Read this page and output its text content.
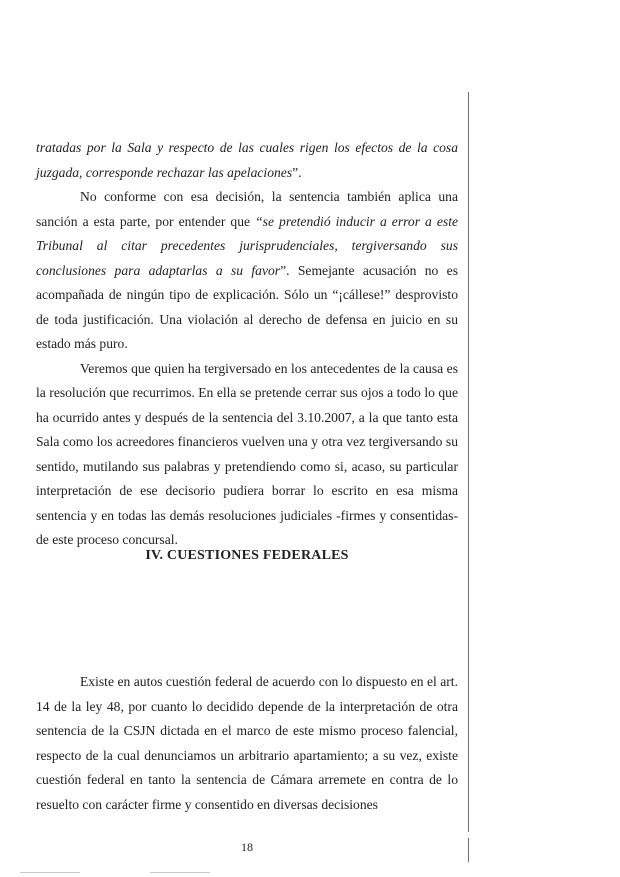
tratadas por la Sala y respecto de las cuales rigen los efectos de la cosa juzgada, corresponde rechazar las apelaciones”.

No conforme con esa decisión, la sentencia también aplica una sanción a esta parte, por entender que “se pretendió inducir a error a este Tribunal al citar precedentes jurisprudenciales, tergiversando sus conclusiones para adaptarlas a su favor”. Semejante acusación no es acompañada de ningún tipo de explicación. Sólo un “¡cállese!” desprovisto de toda justificación. Una violación al derecho de defensa en juicio en su estado más puro.

Veremos que quien ha tergiversado en los antecedentes de la causa es la resolución que recurrimos. En ella se pretende cerrar sus ojos a todo lo que ha ocurrido antes y después de la sentencia del 3.10.2007, a la que tanto esta Sala como los acreedores financieros vuelven una y otra vez tergiversando su sentido, mutilando sus palabras y pretendiendo como si, acaso, su particular interpretación de ese decisorio pudiera borrar lo escrito en esa misma sentencia y en todas las demás resoluciones judiciales -firmes y consentidas- de este proceso concursal.

IV. CUESTIONES FEDERALES

Existe en autos cuestión federal de acuerdo con lo dispuesto en el art. 14 de la ley 48, por cuanto lo decidido depende de la interpretación de otra sentencia de la CSJN dictada en el marco de este mismo proceso falencial, respecto de la cual denunciamos un arbitrario apartamiento; a su vez, existe cuestión federal en tanto la sentencia de Cámara arremete en contra de lo resuelto con carácter firme y consentido en diversas decisiones

18
